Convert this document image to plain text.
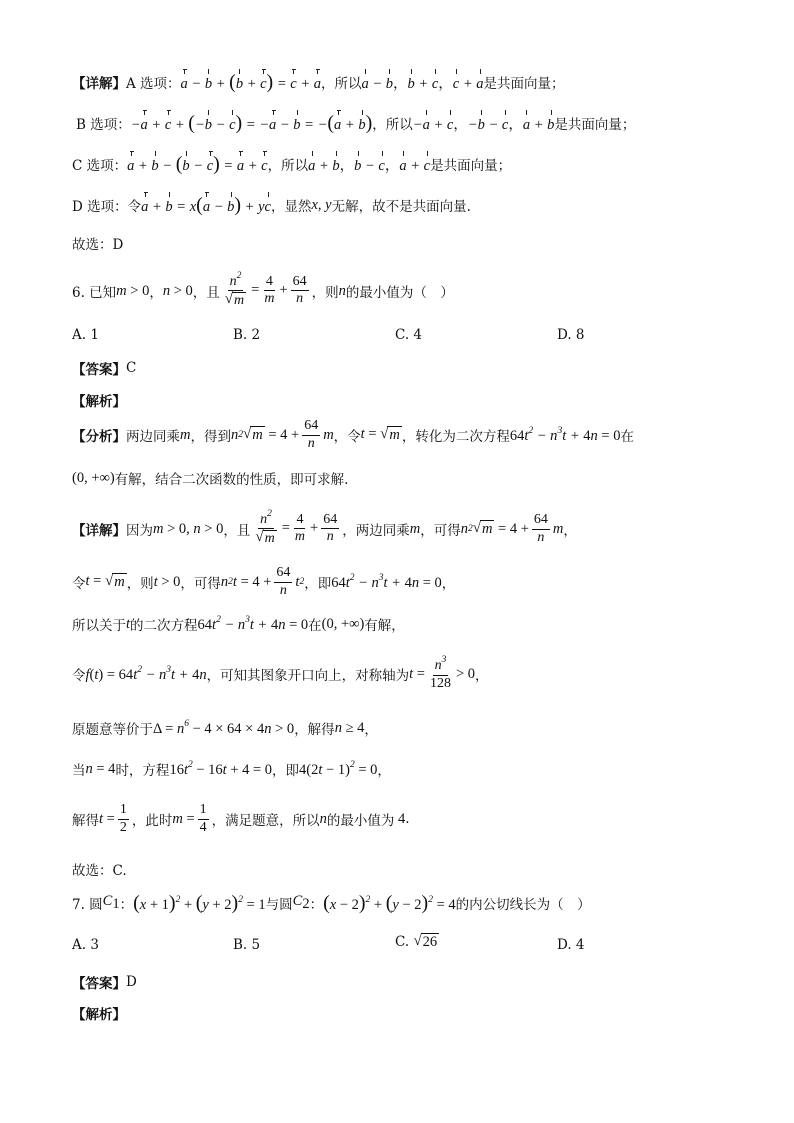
【详解】 A 选项： a − b + (b + c) = c + a ，所以 a − b，b + c，c + a 是共面向量；
B 选项： −a + c + (−b − c) = −a − b = −(a + b) ，所以 −a + c，−b − c，a + b 是共面向量；
C 选项： a + b − (b − c) = a + c ，所以 a + b，b − c，a + c 是共面向量；
D 选项：令 a + b = x(a − b) + yc ，显然 x, y 无解，故不是共面向量.
故选：D
6. 已知 m > 0 ， n > 0 ，且 $\frac{n^2}{√ m} = \frac{4}{m} + \frac{64}{n}$ ，则 n 的最小值为（　）
A. 1	B. 2	C. 4	D. 8
【答案】 C
【解析】
【分析】 两边同乘 m ，得到 n 2 √ m
= $4 + \frac{64}{n}$ m ，令 t = √ m ，转化为二次方程 $64t^2 - n^3t + 4n = 0$ 在
(0, +∞) 有解，结合二次函数的性质，即可求解.
【详解】 因为 m > 0, n > 0 ，且 $\frac{n^2}{√ m} = \frac{4}{m} + \frac{64}{n}$ ，两边同乘 m ，可得 n 2 √ m
= $4 + \frac{64}{n}$ m ，
令 t = √ m ，则 t > 0 ，可得 n 2 $t = 4 + \frac{64}{n}$ t 2 ，即 $64t^2 - n^3t + 4n = 0$ ，
所以关于 t 的二次方程 $64t^2 - n^3t + 4n = 0$ 在 (0, +∞) 有解，
令 $f(t) = 64t^2 - n^3t + 4n$ ，可知其图象开口向上，对称轴为 $t = \frac{n^3}{128} > 0$ ，
原题意等价于 $\Delta = n^6 - 4 \times 64 \times 4n > 0$ ，解得 n ≥ 4 ，
当 n = 4 时，方程 $16t^2 - 16t + 4 = 0$ ，即 $4(2t - 1)^2 = 0$ ，
解得 $t = \frac{1}{2}$ ，此时 $m = \frac{1}{4}$ ，满足题意，所以 n 的最小值为 4 .
故选：C.
7. 圆 $C_1$ ： $(x + 1)^2 + (y + 2)^2 = 1$ 与圆 $C_2$ ： $(x - 2)^2 + (y - 2)^2 = 4$ 的内公切线长为（　）
A. 3	B. 5	C.
√ 26	D. 4
【答案】 D
【解析】
